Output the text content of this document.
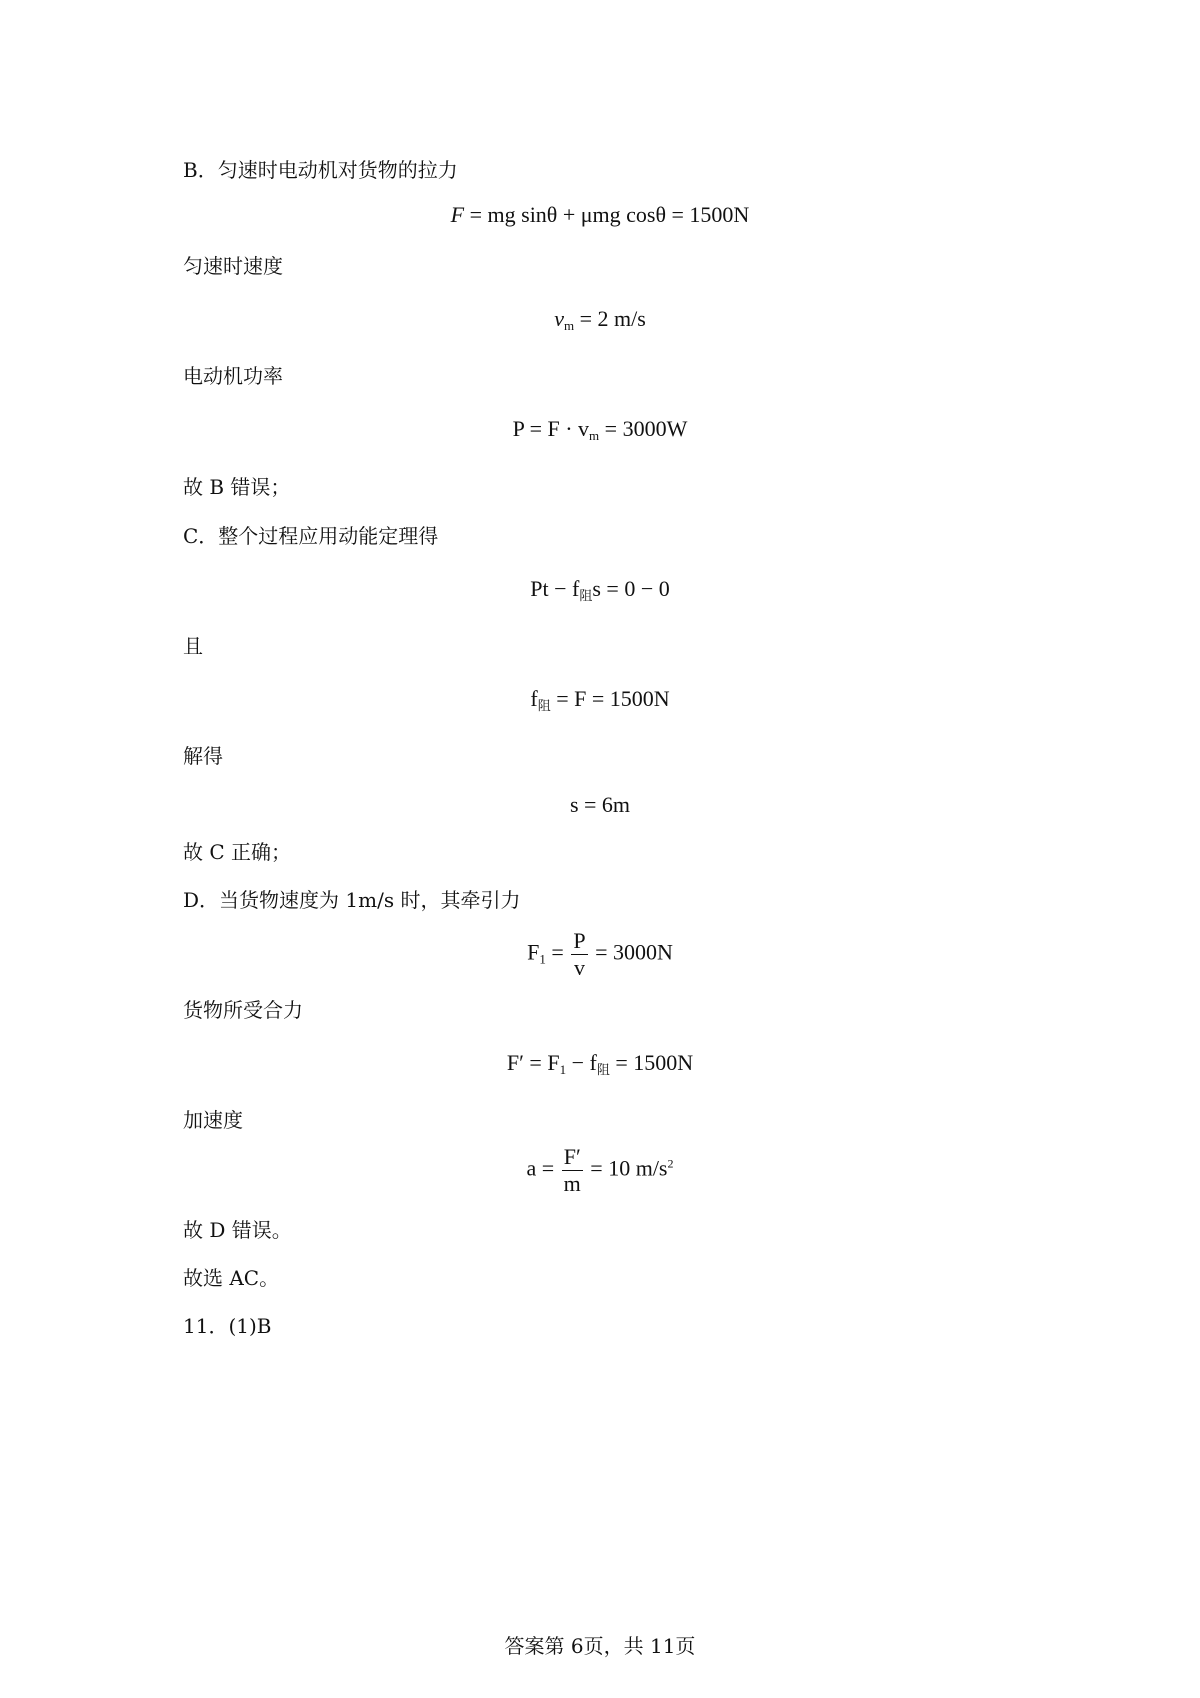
B．匀速时电动机对货物的拉力
F = mg sinθ + μmg cosθ = 1500N
匀速时速度
$v_m = 2$ m/s
电动机功率
$P = F \cdot v_m = 3000W$
故 B 错误；
C．整个过程应用动能定理得
$Pt - f_阻s = 0 - 0$
且
$f_阻 = F = 1500N$
解得
s = 6m
故 C 正确；
D．当货物速度为 1m/s 时，其牵引力
$F_1 = \frac{P}{v} = 3000N$
货物所受合力
$F' = F_1 - f_阻 = 1500N$
加速度
$a = \frac{F'}{m} = 10$ $m/s^2$
故 D 错误。
故选 AC。
11．(1)B
答案第 6页，共 11页
